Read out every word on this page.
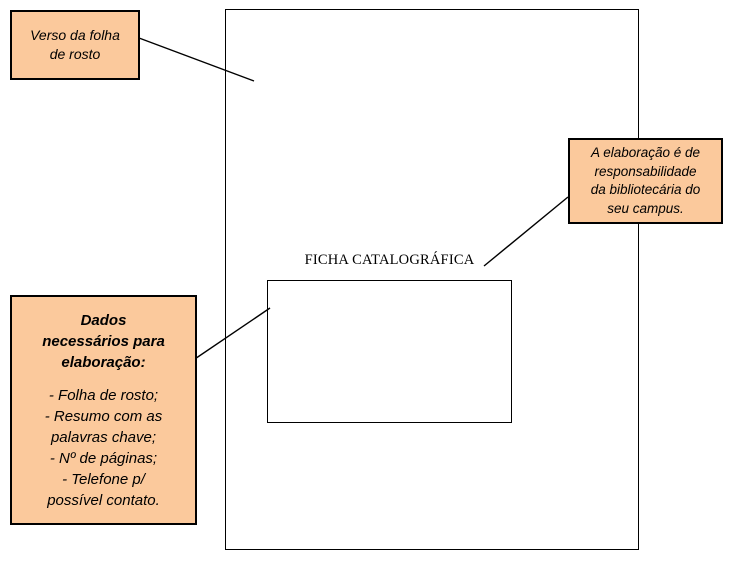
FICHA CATALOGRÁFICA
Verso da folha
de rosto
A elaboração é de
responsabilidade
da bibliotecária do
seu campus.
Dados
necessários para
elaboração:
- Folha de rosto;
- Resumo com as
palavras chave;
- Nº de páginas;
- Telefone p/
possível contato.
